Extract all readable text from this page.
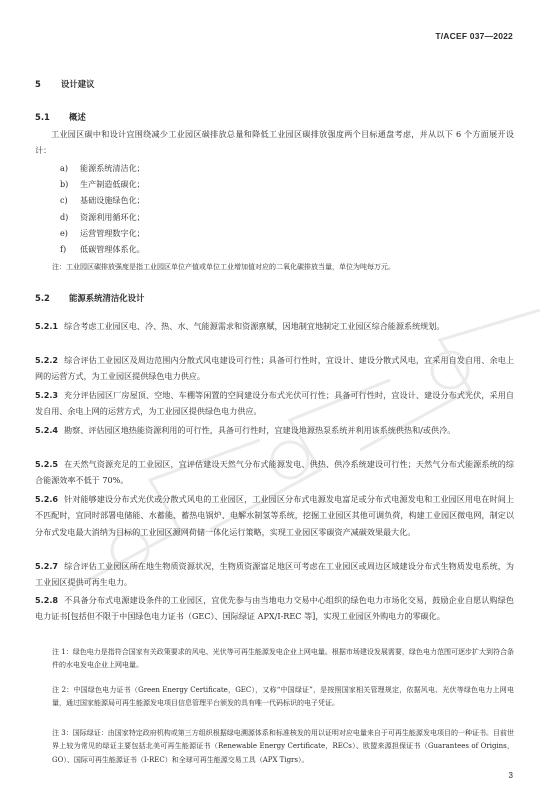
T/ACEF 037—2022
5 设计建议
5.1 概述
工业园区碳中和设计宜围绕减少工业园区碳排放总量和降低工业园区碳排放强度两个目标通盘考虑，并从以下 6 个方面展开设计：
a) 能源系统清洁化；
b) 生产制造低碳化；
c) 基础设施绿色化；
d) 资源利用循环化；
e) 运营管理数字化；
f) 低碳管理体系化。
注：工业园区碳排放强度是指工业园区单位产值或单位工业增加值对应的二氧化碳排放当量，单位为吨每万元。
5.2 能源系统清洁化设计
5.2.1 综合考虑工业园区电、冷、热、水、气能源需求和资源禀赋，因地制宜地制定工业园区综合能源系统规划。
5.2.2 综合评估工业园区及周边范围内分散式风电建设可行性；具备可行性时，宜设计、建设分散式风电，宜采用自发自用、余电上网的运营方式，为工业园区提供绿色电力供应。
5.2.3 充分评估园区厂房屋顶、空地、车棚等闲置的空间建设分布式光伏可行性；具备可行性时，宜设计、建设分布式光伏，采用自发自用、余电上网的运营方式，为工业园区提供绿色电力供应。
5.2.4 勘察、评估园区地热能资源利用的可行性，具备可行性时，宜建设地源热泵系统并利用该系统供热和/或供冷。
5.2.5 在天然气资源充足的工业园区，宜评估建设天然气分布式能源发电、供热、供冷系统建设可行性；天然气分布式能源系统的综合能源效率不低于 70%。
5.2.6 针对能够建设分布式光伏或分散式风电的工业园区，工业园区分布式电源发电富足或分布式电源发电和工业园区用电在时间上不匹配时，宜同时部署电储能、水蓄能、蓄热电锅炉、电解水制氢等系统，挖掘工业园区其他可调负荷，构建工业园区微电网，制定以分布式发电最大消纳为目标的工业园区源网荷储一体化运行策略，实现工业园区零碳资产减碳效果最大化。
5.2.7 综合评估工业园区所在地生物质资源状况，生物质资源富足地区可考虑在工业园区或周边区域建设分布式生物质发电系统，为工业园区提供可再生电力。
5.2.8 不具备分布式电源建设条件的工业园区，宜优先参与由当地电力交易中心组织的绿色电力市场化交易，鼓励企业自愿认购绿色电力证书[包括但不限于中国绿色电力证书（GEC）、国际绿证 APX/I-REC 等]，实现工业园区外购电力的零碳化。
注 1：绿色电力是指符合国家有关政策要求的风电、光伏等可再生能源发电企业上网电量。根据市场建设发展需要，绿色电力范围可逐步扩大到符合条件的水电发电企业上网电量。
注 2：中国绿色电力证书（Green Energy Certificate，GEC），又称“中国绿证”，是按照国家相关管理规定，依据风电、光伏等绿色电力上网电量，通过国家能源局可再生能源发电项目信息管理平台颁发的具有唯一代码标识的电子凭证。
注 3：国际绿证：由国家特定政府机构或第三方组织根据绿电溯源体系和标准核发的用以证明对应电量来自于可再生能源发电项目的一种证书。目前世界上较为常见的绿证主要包括北美可再生能源证书（Renewable Energy Certificate，RECs）、欧盟来源担保证书（Guarantees of Origins，GO）、国际可再生能源证书（I-REC）和全球可再生能源交易工具（APX Tigrs）。
3
